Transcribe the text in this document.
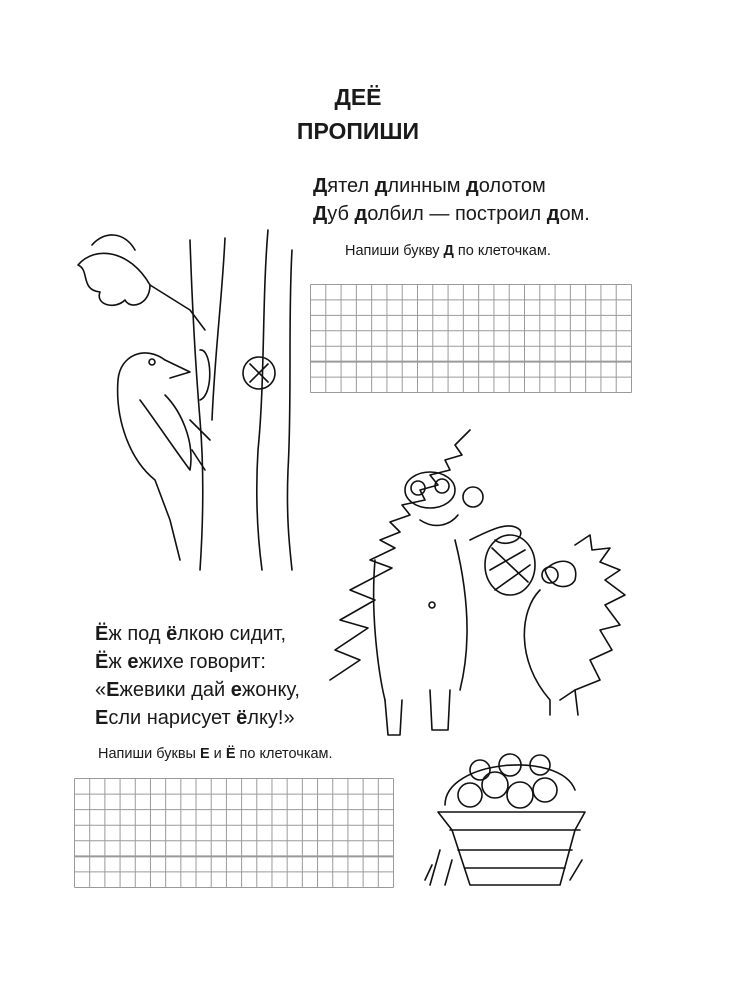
ДЕЁ
ПРОПИШИ
Дятел длинным долотом
Дуб долбил — построил дом.
Напиши букву Д по клеточкам.
Ёж под ёлкою сидит,
Ёж ежихе говорит:
«Ежевики дай ежонку,
Если нарисует ёлку!»
Напиши буквы Е и Ё по клеточкам.
